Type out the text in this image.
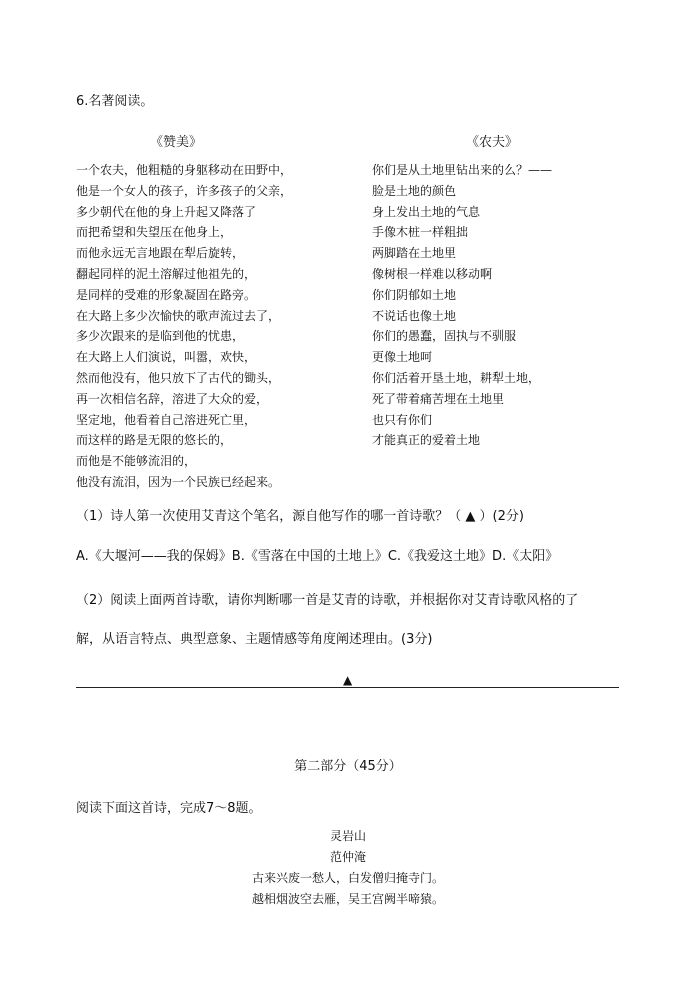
6.名著阅读。
《赞美》	《农夫》
一个农夫，他粗糙的身躯移动在田野中，
他是一个女人的孩子，许多孩子的父亲，
多少朝代在他的身上升起又降落了
而把希望和失望压在他身上，
而他永远无言地跟在犁后旋转，
翻起同样的泥土溶解过他祖先的，
是同样的受难的形象凝固在路旁。
在大路上多少次愉快的歌声流过去了，
多少次跟来的是临到他的忧患，
在大路上人们演说，叫嚣，欢快，
然而他没有，他只放下了古代的锄头，
再一次相信名辞，溶进了大众的爱，
坚定地，他看着自己溶进死亡里，
而这样的路是无限的悠长的，
而他是不能够流泪的，
他没有流泪，因为一个民族已经起来。
你们是从土地里钻出来的么？——
脸是土地的颜色
身上发出土地的气息
手像木桩一样粗拙
两脚踏在土地里
像树根一样难以移动啊
你们阴郁如土地
不说话也像土地
你们的愚蠢，固执与不驯服
更像土地呵
你们活着开垦土地，耕犁土地，
死了带着痛苦埋在土地里
也只有你们
才能真正的爱着土地
（1）诗人第一次使用艾青这个笔名，源自他写作的哪一首诗歌？（ ▲ ）(2分)
A.《大堰河——我的保姆》B.《雪落在中国的土地上》C.《我爱这土地》D.《太阳》
（2）阅读上面两首诗歌，请你判断哪一首是艾青的诗歌，并根据你对艾青诗歌风格的了
解，从语言特点、典型意象、主题情感等角度阐述理由。(3分)
▲
第二部分（45分）
阅读下面这首诗，完成7～8题。
灵岩山
范仲淹
古来兴废一愁人，白发僧归掩寺门。
越相烟波空去雁，吴王宫阙半啼猿。
